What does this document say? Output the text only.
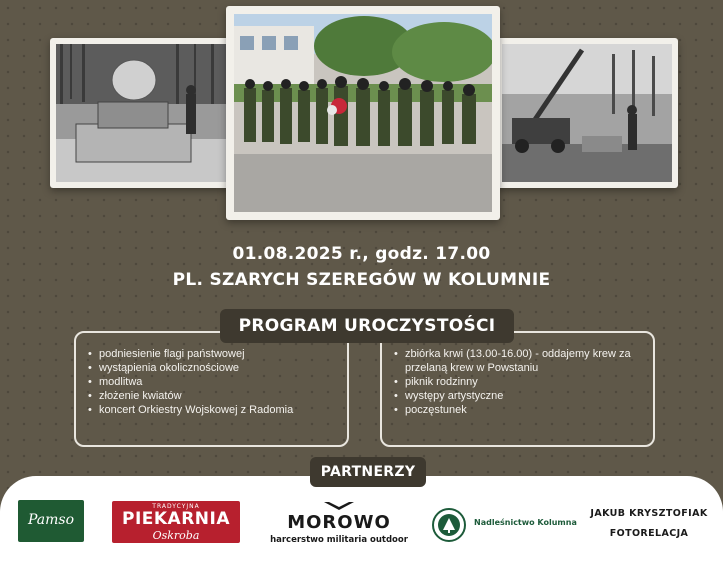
01.08.2025 r., godz. 17.00
PL. SZARYCH SZEREGÓW W KOLUMNIE
PROGRAM UROCZYSTOŚCI
• podniesienie flagi państwowej
• wystąpienia okolicznościowe
• modlitwa
• złożenie kwiatów
• koncert Orkiestry Wojskowej z Radomia
• zbiórka krwi (13.00-16.00) - oddajemy krew za przelaną krew w Powstaniu
• piknik rodzinny
• występy artystyczne
• poczęstunek
PARTNERZY
Pamso
TRADYCYJNA
PIEKARNIA
Oskroba
MOROWO
harcerstwo militaria outdoor
Nadleśnictwo Kolumna
JAKUB KRYSZTOFIAK
FOTORELACJA
